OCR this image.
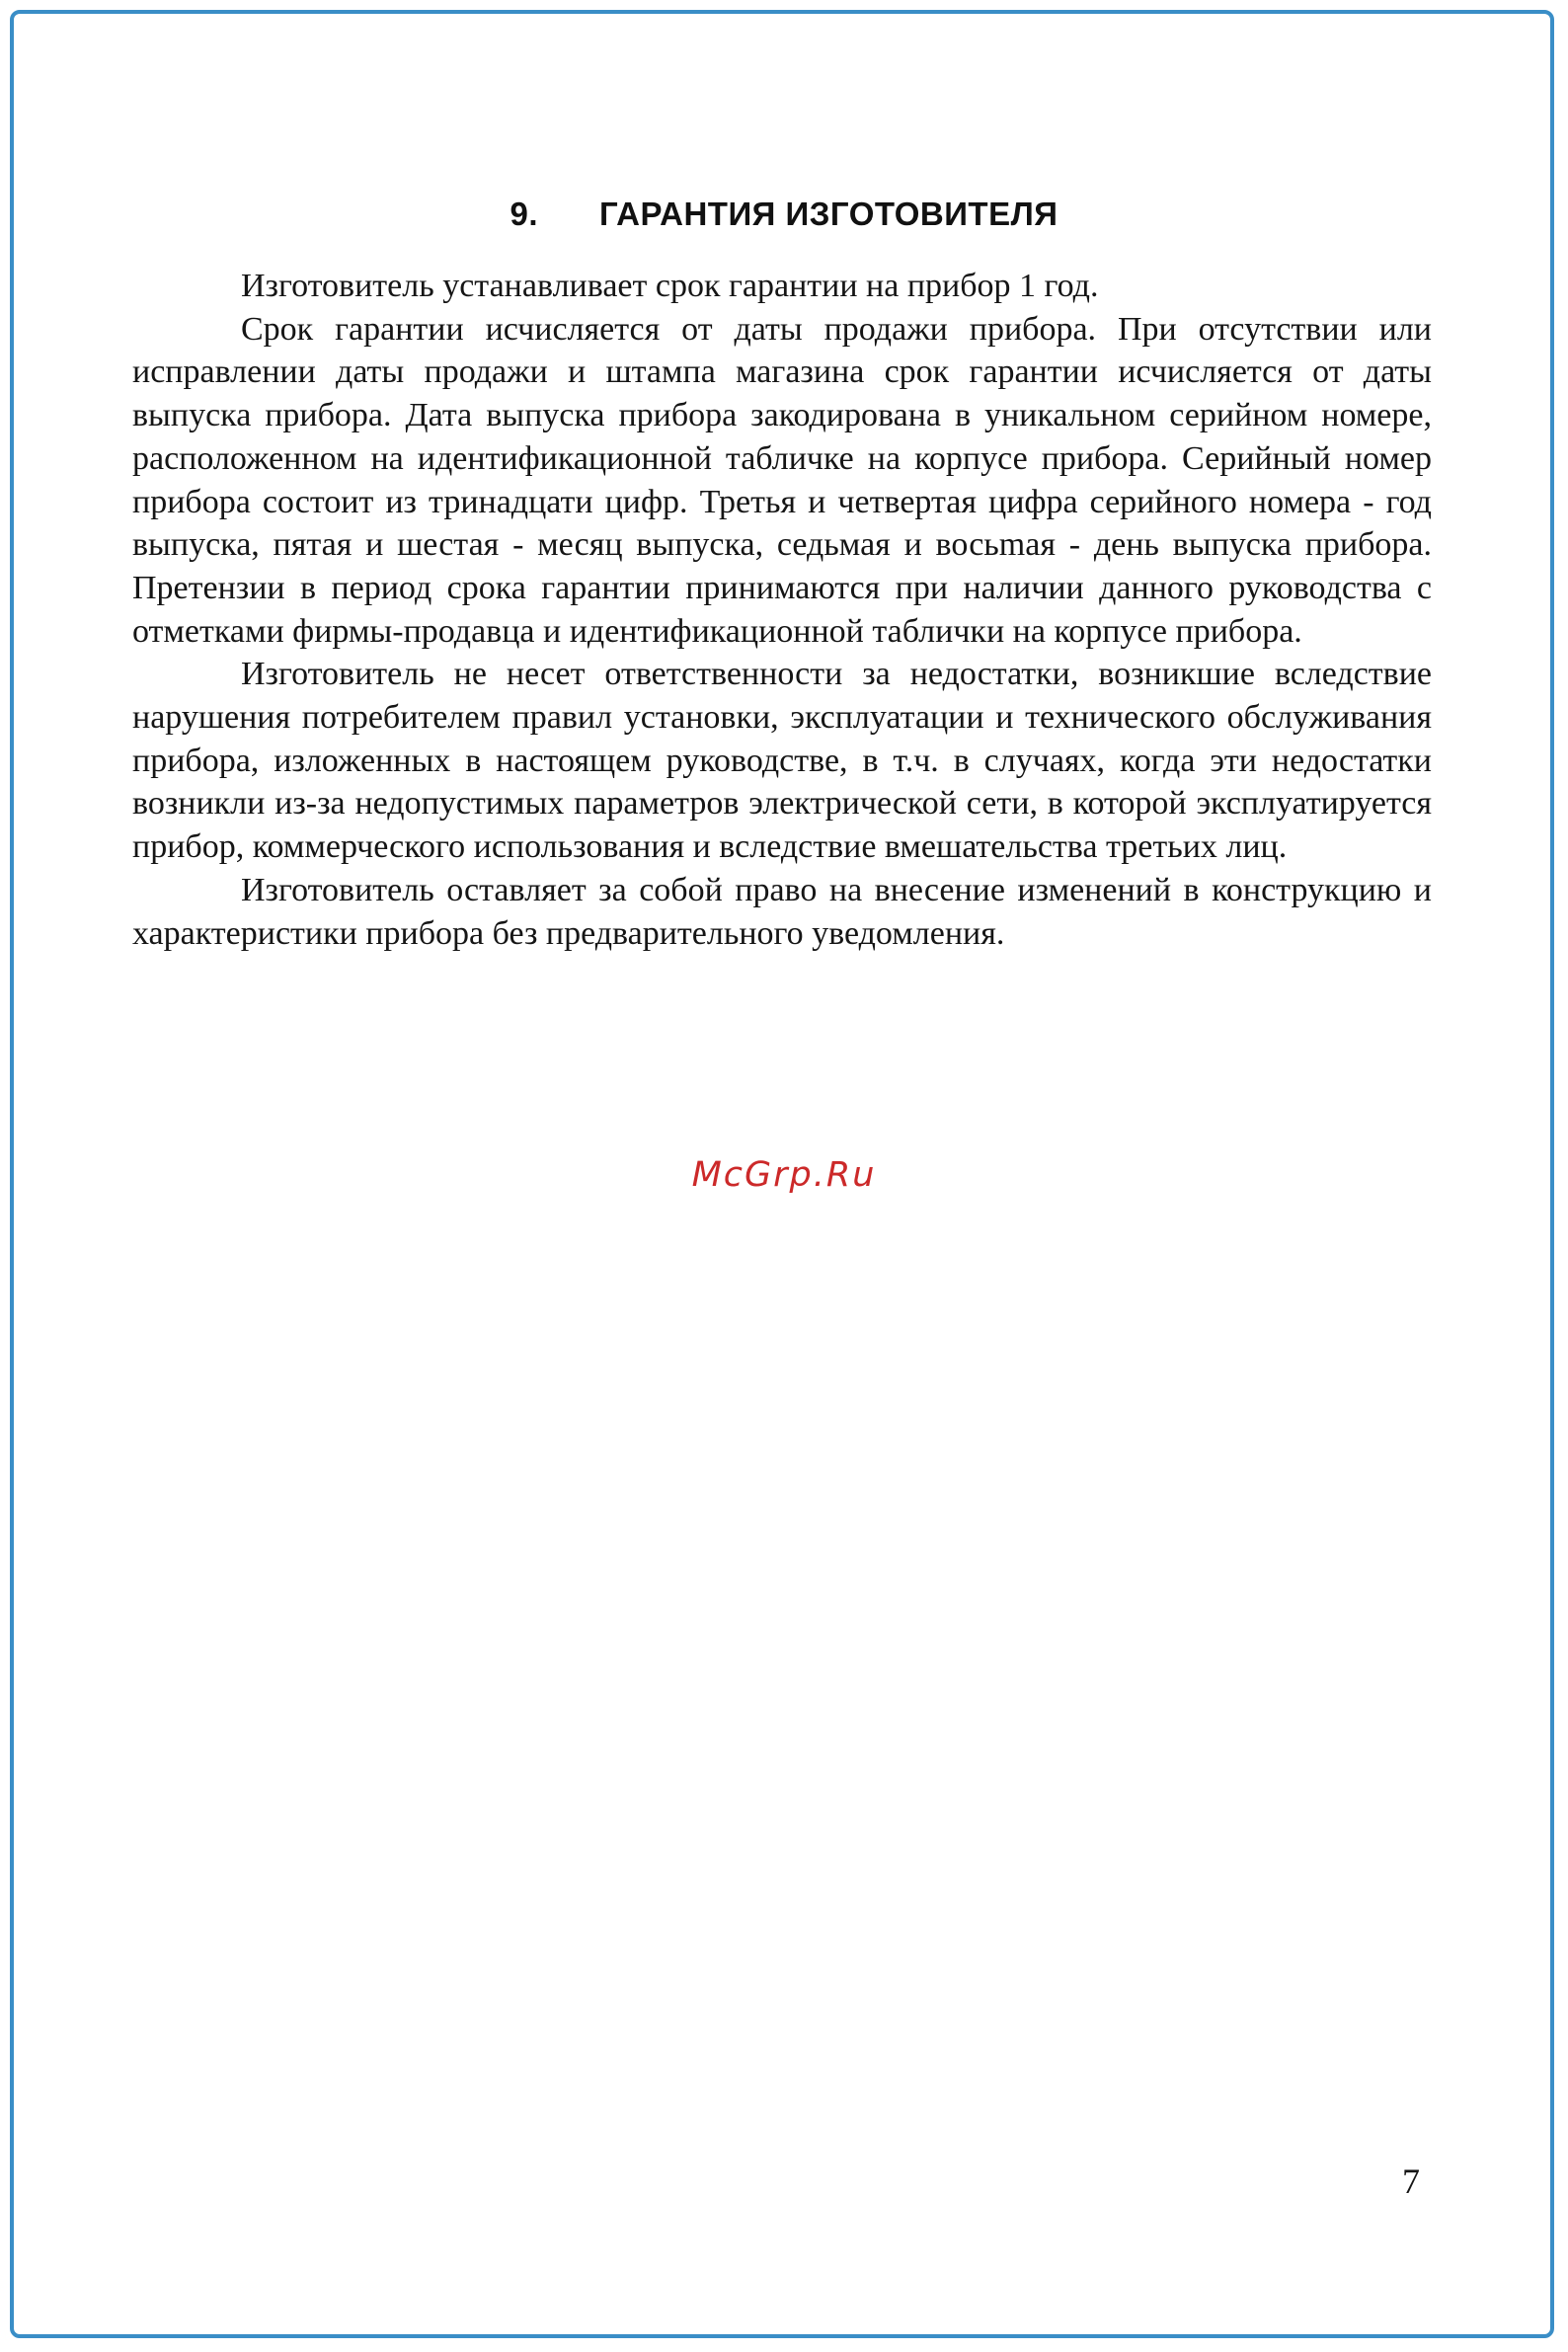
9. ГАРАНТИЯ ИЗГОТОВИТЕЛЯ

Изготовитель устанавливает срок гарантии на прибор 1 год.

Срок гарантии исчисляется от даты продажи прибора. При отсутствии или исправлении даты продажи и штампа магазина срок гарантии исчисляется от даты выпуска прибора. Дата выпуска прибора закодирована в уникальном серийном номере, расположенном на идентификационной табличке на корпусе прибора. Серийный номер прибора состоит из тринадцати цифр. Третья и четвертая цифра серийного номера - год выпуска, пятая и шестая - месяц выпуска, седьмая и восьmая - день выпуска прибора. Претензии в период срока гарантии принимаются при наличии данного руководства с отметками фирмы-продавца и идентификационной таблички на корпусе прибора.

Изготовитель не несет ответственности за недостатки, возникшие вследствие нарушения потребителем правил установки, эксплуатации и технического обслуживания прибора, изложенных в настоящем руководстве, в т.ч. в случаях, когда эти недостатки возникли из-за недопустимых параметров электрической сети, в которой эксплуатируется прибор, коммерческого использования и вследствие вмешательства третьих лиц.

Изготовитель оставляет за собой право на внесение изменений в конструкцию и характеристики прибора без предварительного уведомления.

McGrp.Ru
7
